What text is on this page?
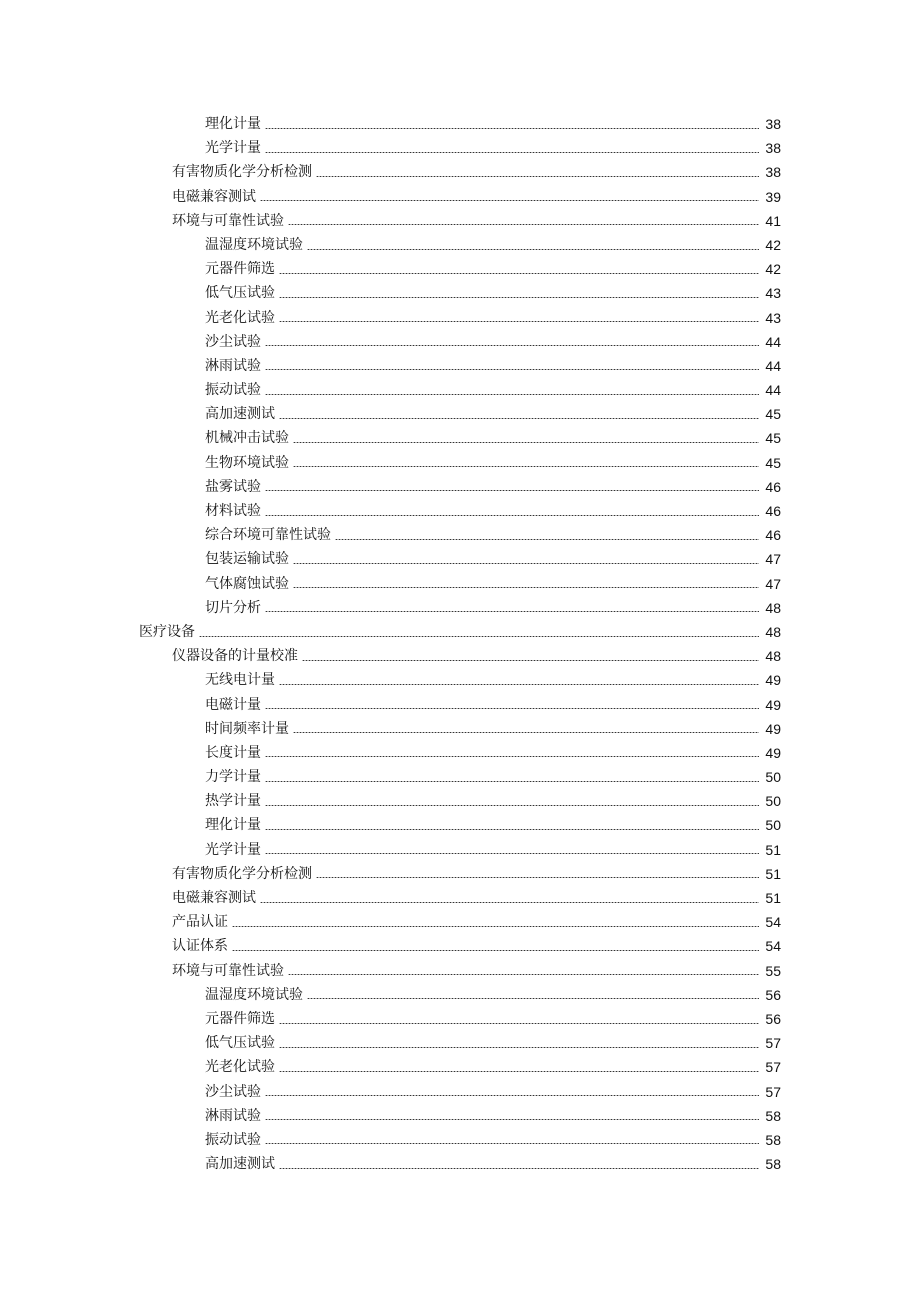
理化计量	38
光学计量	38
有害物质化学分析检测	38
电磁兼容测试	39
环境与可靠性试验	41
温湿度环境试验	42
元器件筛选	42
低气压试验	43
光老化试验	43
沙尘试验	44
淋雨试验	44
振动试验	44
高加速测试	45
机械冲击试验	45
生物环境试验	45
盐雾试验	46
材料试验	46
综合环境可靠性试验	46
包装运输试验	47
气体腐蚀试验	47
切片分析	48
医疗设备	48
仪器设备的计量校准	48
无线电计量	49
电磁计量	49
时间频率计量	49
长度计量	49
力学计量	50
热学计量	50
理化计量	50
光学计量	51
有害物质化学分析检测	51
电磁兼容测试	51
产品认证	54
认证体系	54
环境与可靠性试验	55
温湿度环境试验	56
元器件筛选	56
低气压试验	57
光老化试验	57
沙尘试验	57
淋雨试验	58
振动试验	58
高加速测试	58
